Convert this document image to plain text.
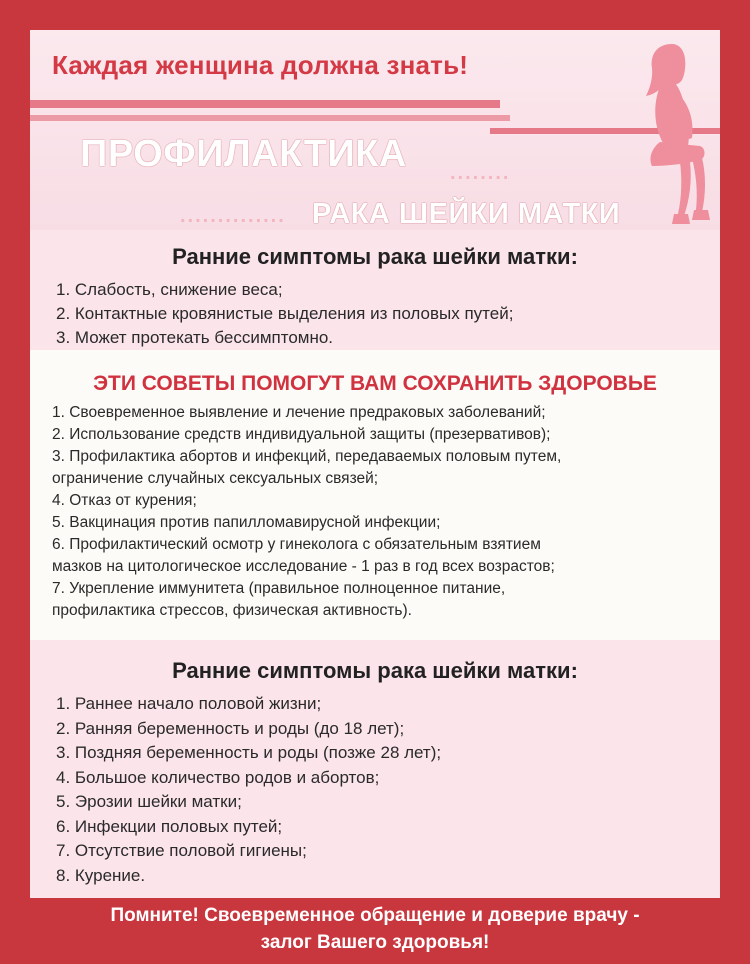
Каждая женщина должна знать!
ПРОФИЛАКТИКА ........
.............. РАКА ШЕЙКИ МАТКИ
Ранние симптомы рака шейки матки:
1. Слабость, снижение веса;
2. Контактные кровянистые выделения из половых путей;
3. Может протекать бессимптомно.
ЭТИ СОВЕТЫ ПОМОГУТ ВАМ СОХРАНИТЬ ЗДОРОВЬЕ
1. Своевременное выявление и лечение предраковых заболеваний;
2. Использование средств индивидуальной защиты (презервативов);
3. Профилактика абортов и инфекций, передаваемых половым путем,
ограничение случайных сексуальных связей;
4. Отказ от курения;
5. Вакцинация против папилломавирусной инфекции;
6. Профилактический осмотр у гинеколога с обязательным взятием
мазков на цитологическое исследование - 1 раз в год всех возрастов;
7. Укрепление иммунитета (правильное полноценное питание,
профилактика стрессов, физическая активность).
Ранние симптомы рака шейки матки:
1. Раннее начало половой жизни;
2. Ранняя беременность и роды (до 18 лет);
3. Поздняя беременность и роды (позже 28 лет);
4. Большое количество родов и абортов;
5. Эрозии шейки матки;
6. Инфекции половых путей;
7. Отсутствие половой гигиены;
8. Курение.
Помните! Своевременное обращение и доверие врачу -
залог Вашего здоровья!
